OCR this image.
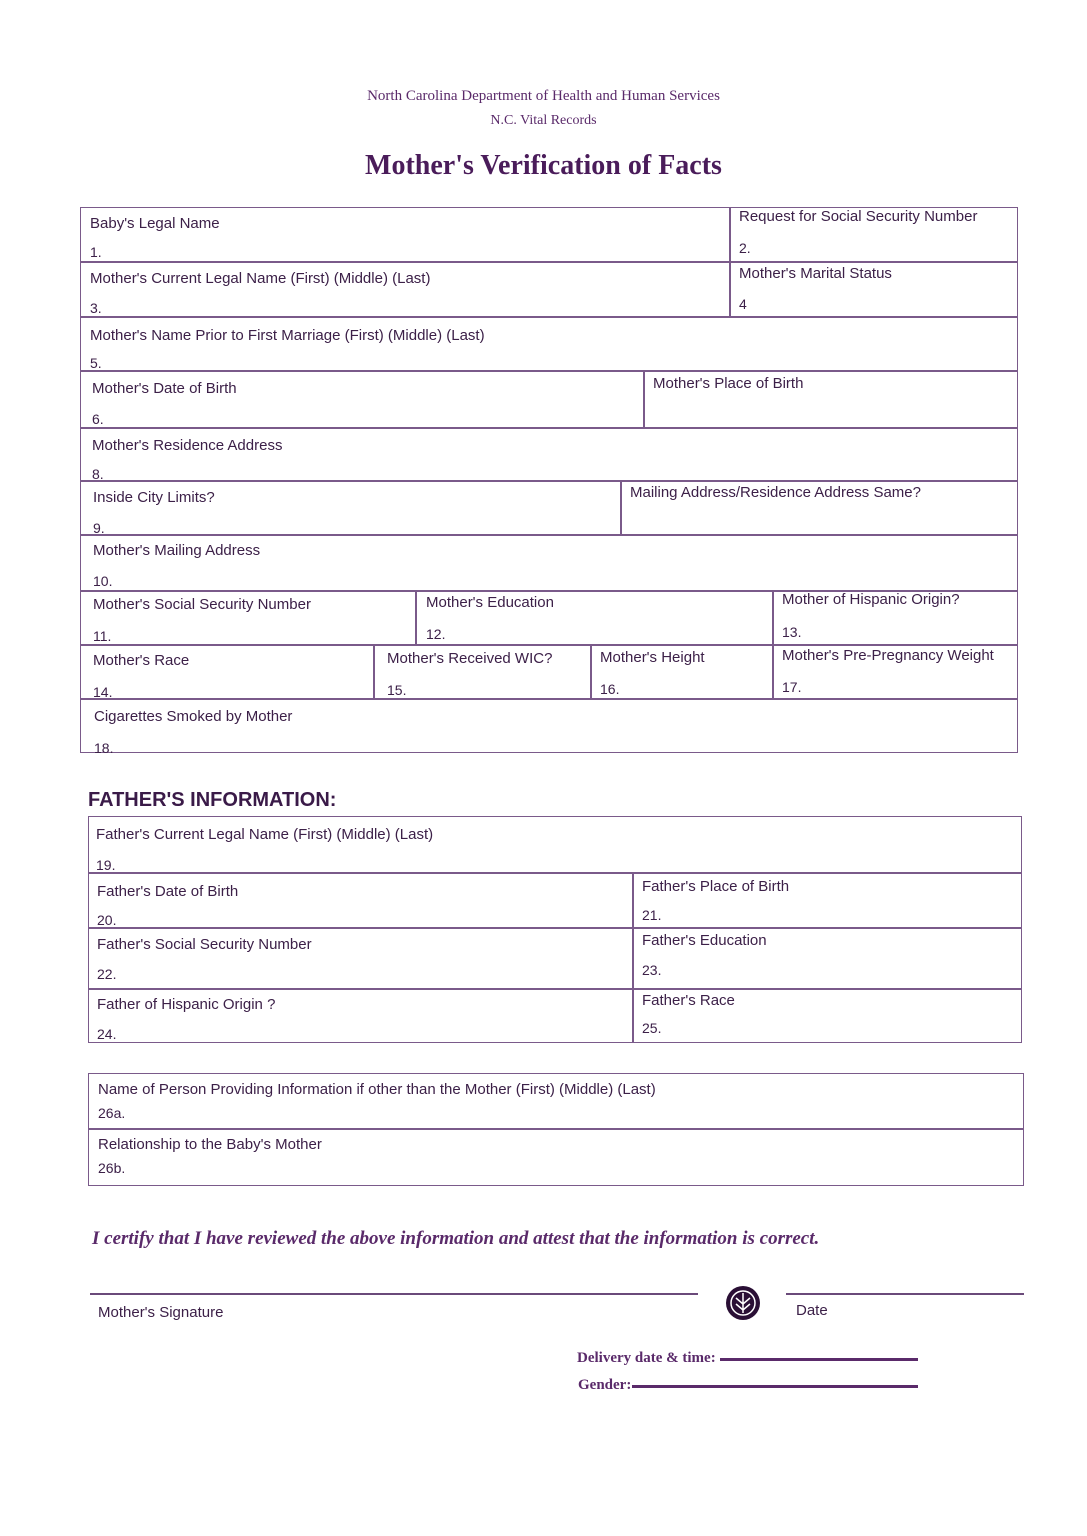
North Carolina Department of Health and Human Services
N.C. Vital Records
Mother's Verification of Facts
Baby's Legal Name
1.
Request for Social Security Number
2.
Mother's Current Legal Name (First) (Middle) (Last)
3.
Mother's Marital Status
4
Mother's Name Prior to First Marriage (First) (Middle) (Last)
5.
Mother's Date of Birth
6.
Mother's Place of Birth
Mother's Residence Address
8.
Inside City Limits?
9.
Mailing Address/Residence Address Same?
Mother's Mailing Address
10.
Mother's Social Security Number
11.
Mother's Education
12.
Mother of Hispanic Origin?
13.
Mother's Race
14.
Mother's Received WIC?
15.
Mother's Height
16.
Mother's Pre-Pregnancy Weight
17.
Cigarettes Smoked by Mother
18.
FATHER'S INFORMATION:
Father's Current Legal Name (First) (Middle) (Last)
19.
Father's Date of Birth
20.
Father's Place of Birth
21.
Father's Social Security Number
22.
Father's Education
23.
Father of Hispanic Origin ?
24.
Father's Race
25.
Name of Person Providing Information if other than the Mother (First) (Middle) (Last)
26a.
Relationship to the Baby's Mother
26b.
I certify that I have reviewed the above information and attest that the information is correct.
Mother's Signature	Date
Delivery date & time:
Gender:
